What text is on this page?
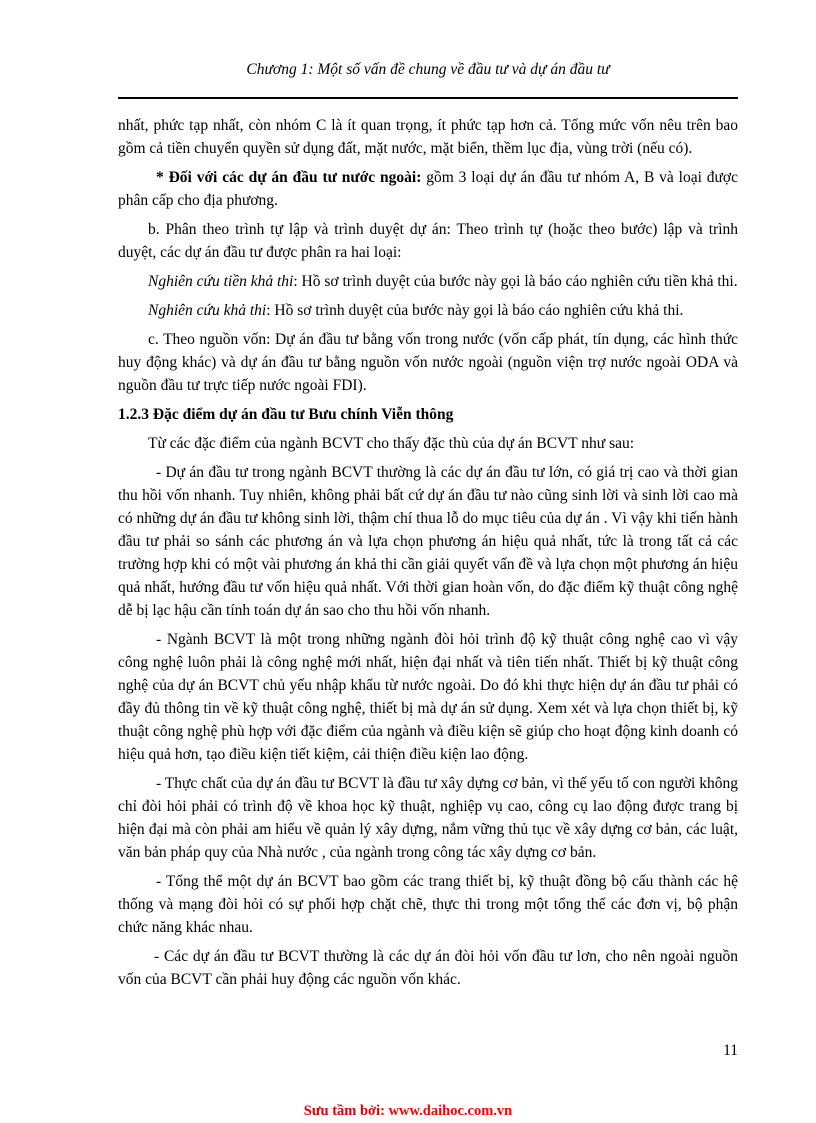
Chương 1: Một số vấn đề chung về đầu tư và dự án đầu tư

nhất, phức tạp nhất, còn nhóm C là ít quan trọng, ít phức tạp hơn cả. Tổng mức vốn nêu trên bao gồm cả tiền chuyển quyền sử dụng đất, mặt nước, mặt biển, thềm lục địa, vùng trời (nếu có).

* Đối với các dự án đầu tư nước ngoài: gồm 3 loại dự án đầu tư nhóm A, B và loại được phân cấp cho địa phương.

b. Phân theo trình tự lập và trình duyệt dự án: Theo trình tự (hoặc theo bước) lập và trình duyệt, các dự án đầu tư được phân ra hai loại:

Nghiên cứu tiền khả thi: Hồ sơ trình duyệt của bước này gọi là báo cáo nghiên cứu tiền khả thi.

Nghiên cứu khả thi: Hồ sơ trình duyệt của bước này gọi là báo cáo nghiên cứu khả thi.

c. Theo nguồn vốn: Dự án đầu tư bằng vốn trong nước (vốn cấp phát, tín dụng, các hình thức huy động khác) và dự án đầu tư bằng nguồn vốn nước ngoài (nguồn viện trợ nước ngoài ODA và nguồn đầu tư trực tiếp nước ngoài FDI).

1.2.3 Đặc điểm dự án đầu tư Bưu chính Viễn thông

Từ các đặc điểm của ngành BCVT cho thấy đặc thù của dự án BCVT như sau:

- Dự án đầu tư trong ngành BCVT thường là các dự án đầu tư lớn, có giá trị cao và thời gian thu hồi vốn nhanh. Tuy nhiên, không phải bất cứ dự án đầu tư nào cũng sinh lời và sinh lời cao mà có những dự án đầu tư không sinh lời, thậm chí thua lỗ do mục tiêu của dự án . Vì vậy khi tiến hành đầu tư phải so sánh các phương án và lựa chọn phương án hiệu quả nhất, tức là trong tất cả các trường hợp khi có một vài phương án khả thi cần giải quyết vấn đề và lựa chọn một phương án hiệu quả nhất, hướng đầu tư vốn hiệu quả nhất. Với thời gian hoàn vốn, do đặc điểm kỹ thuật công nghệ dễ bị lạc hậu cần tính toán dự án sao cho thu hồi vốn nhanh.

- Ngành BCVT là một trong những ngành đòi hỏi trình độ kỹ thuật công nghệ cao vì vậy công nghệ luôn phải là công nghệ mới nhất, hiện đại nhất và tiên tiến nhất. Thiết bị kỹ thuật công nghệ của dự án BCVT chủ yếu nhập khẩu từ nước ngoài. Do đó khi thực hiện dự án đầu tư phải có đầy đủ thông tin về kỹ thuật công nghệ, thiết bị mà dự án sử dụng. Xem xét và lựa chọn thiết bị, kỹ thuật công nghệ phù hợp với đặc điểm của ngành và điều kiện sẽ giúp cho hoạt động kinh doanh có hiệu quả hơn, tạo điều kiện tiết kiệm, cải thiện điều kiện lao động.

- Thực chất của dự án đầu tư BCVT là đầu tư xây dựng cơ bản, vì thế yếu tố con người không chỉ đòi hỏi phải có trình độ về khoa học kỹ thuật, nghiệp vụ cao, công cụ lao động được trang bị hiện đại mà còn phải am hiểu về quản lý xây dựng, nắm vững thủ tục về xây dựng cơ bản, các luật, văn bản pháp quy của Nhà nước , của ngành trong công tác xây dựng cơ bản.

- Tổng thể một dự án BCVT bao gồm các trang thiết bị, kỹ thuật đồng bộ cấu thành các hệ thống và mạng đòi hỏi có sự phối hợp chặt chẽ, thực thi trong một tổng thể các đơn vị, bộ phận chức năng khác nhau.

- Các dự án đầu tư BCVT thường là các dự án đòi hỏi vốn đầu tư lơn, cho nên ngoài nguồn vốn của BCVT cần phải huy động các nguồn vốn khác.

11
Sưu tầm bởi: www.daihoc.com.vn
